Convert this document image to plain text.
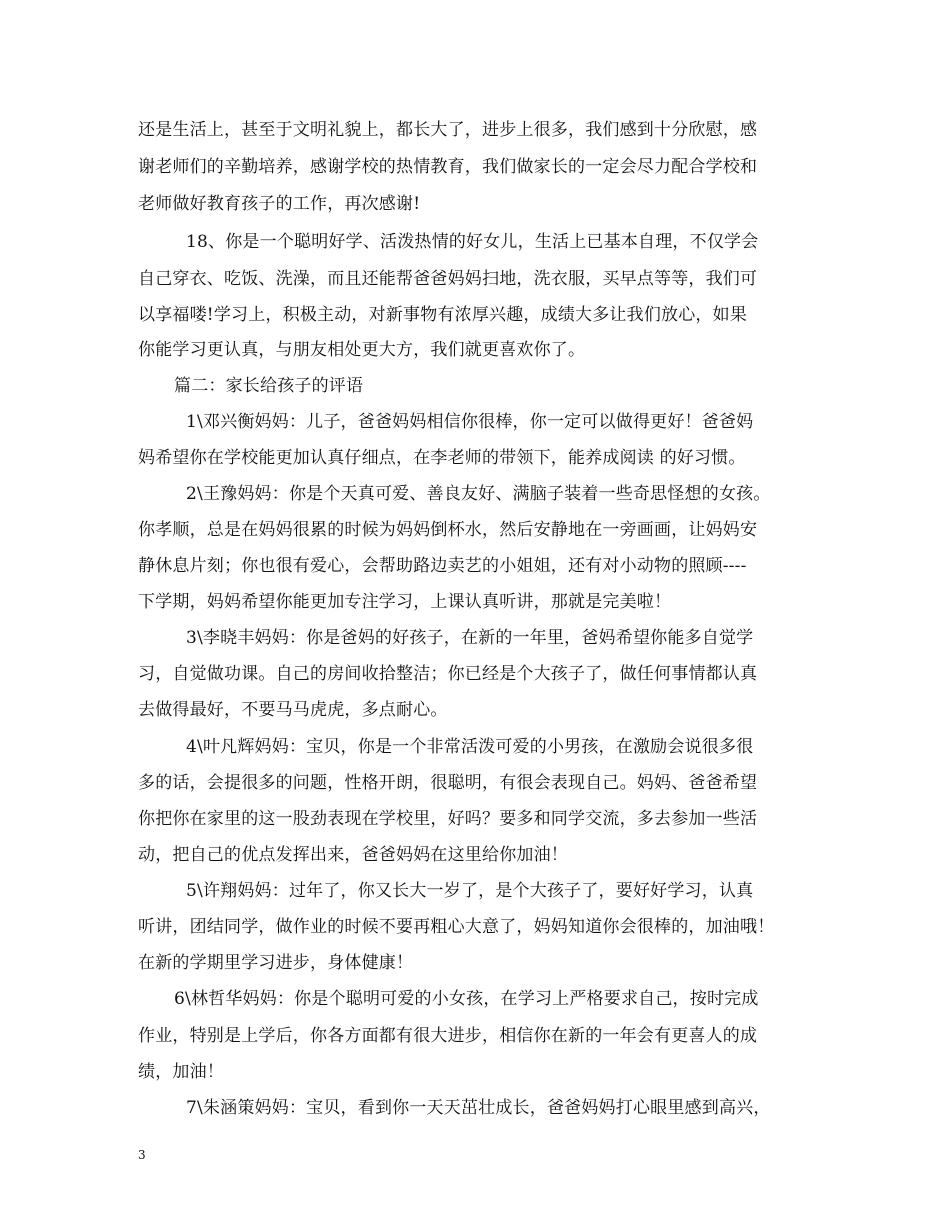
还是生活上，甚至于文明礼貌上，都长大了，进步上很多，我们感到十分欣慰，感
谢老师们的辛勤培养，感谢学校的热情教育，我们做家长的一定会尽力配合学校和
老师做好教育孩子的工作，再次感谢!
18、你是一个聪明好学、活泼热情的好女儿，生活上已基本自理，不仅学会
自己穿衣、吃饭、洗澡，而且还能帮爸爸妈妈扫地，洗衣服，买早点等等，我们可
以享福喽!学习上，积极主动，对新事物有浓厚兴趣，成绩大多让我们放心，如果
你能学习更认真，与朋友相处更大方，我们就更喜欢你了。
篇二：家长给孩子的评语
1\邓兴衡妈妈：儿子，爸爸妈妈相信你很棒，你一定可以做得更好！爸爸妈
妈希望你在学校能更加认真仔细点，在李老师的带领下，能养成阅读 的好习惯。
2\王豫妈妈：你是个天真可爱、善良友好、满脑子装着一些奇思怪想的女孩。
你孝顺，总是在妈妈很累的时候为妈妈倒杯水，然后安静地在一旁画画，让妈妈安
静休息片刻；你也很有爱心，会帮助路边卖艺的小姐姐，还有对小动物的照顾----
下学期，妈妈希望你能更加专注学习，上课认真听讲，那就是完美啦！
3\李晓丰妈妈：你是爸妈的好孩子，在新的一年里，爸妈希望你能多自觉学
习，自觉做功课。自己的房间收拾整洁；你已经是个大孩子了，做任何事情都认真
去做得最好，不要马马虎虎，多点耐心。
4\叶凡辉妈妈：宝贝，你是一个非常活泼可爱的小男孩，在激励会说很多很
多的话，会提很多的问题，性格开朗，很聪明，有很会表现自己。妈妈、爸爸希望
你把你在家里的这一股劲表现在学校里，好吗？要多和同学交流，多去参加一些活
动，把自己的优点发挥出来，爸爸妈妈在这里给你加油！
5\许翔妈妈：过年了，你又长大一岁了，是个大孩子了，要好好学习，认真
听讲，团结同学，做作业的时候不要再粗心大意了，妈妈知道你会很棒的，加油哦！
在新的学期里学习进步，身体健康！
6\林哲华妈妈：你是个聪明可爱的小女孩，在学习上严格要求自己，按时完成
作业，特别是上学后，你各方面都有很大进步，相信你在新的一年会有更喜人的成
绩，加油！
7\朱涵策妈妈：宝贝，看到你一天天茁壮成长，爸爸妈妈打心眼里感到高兴，
3
